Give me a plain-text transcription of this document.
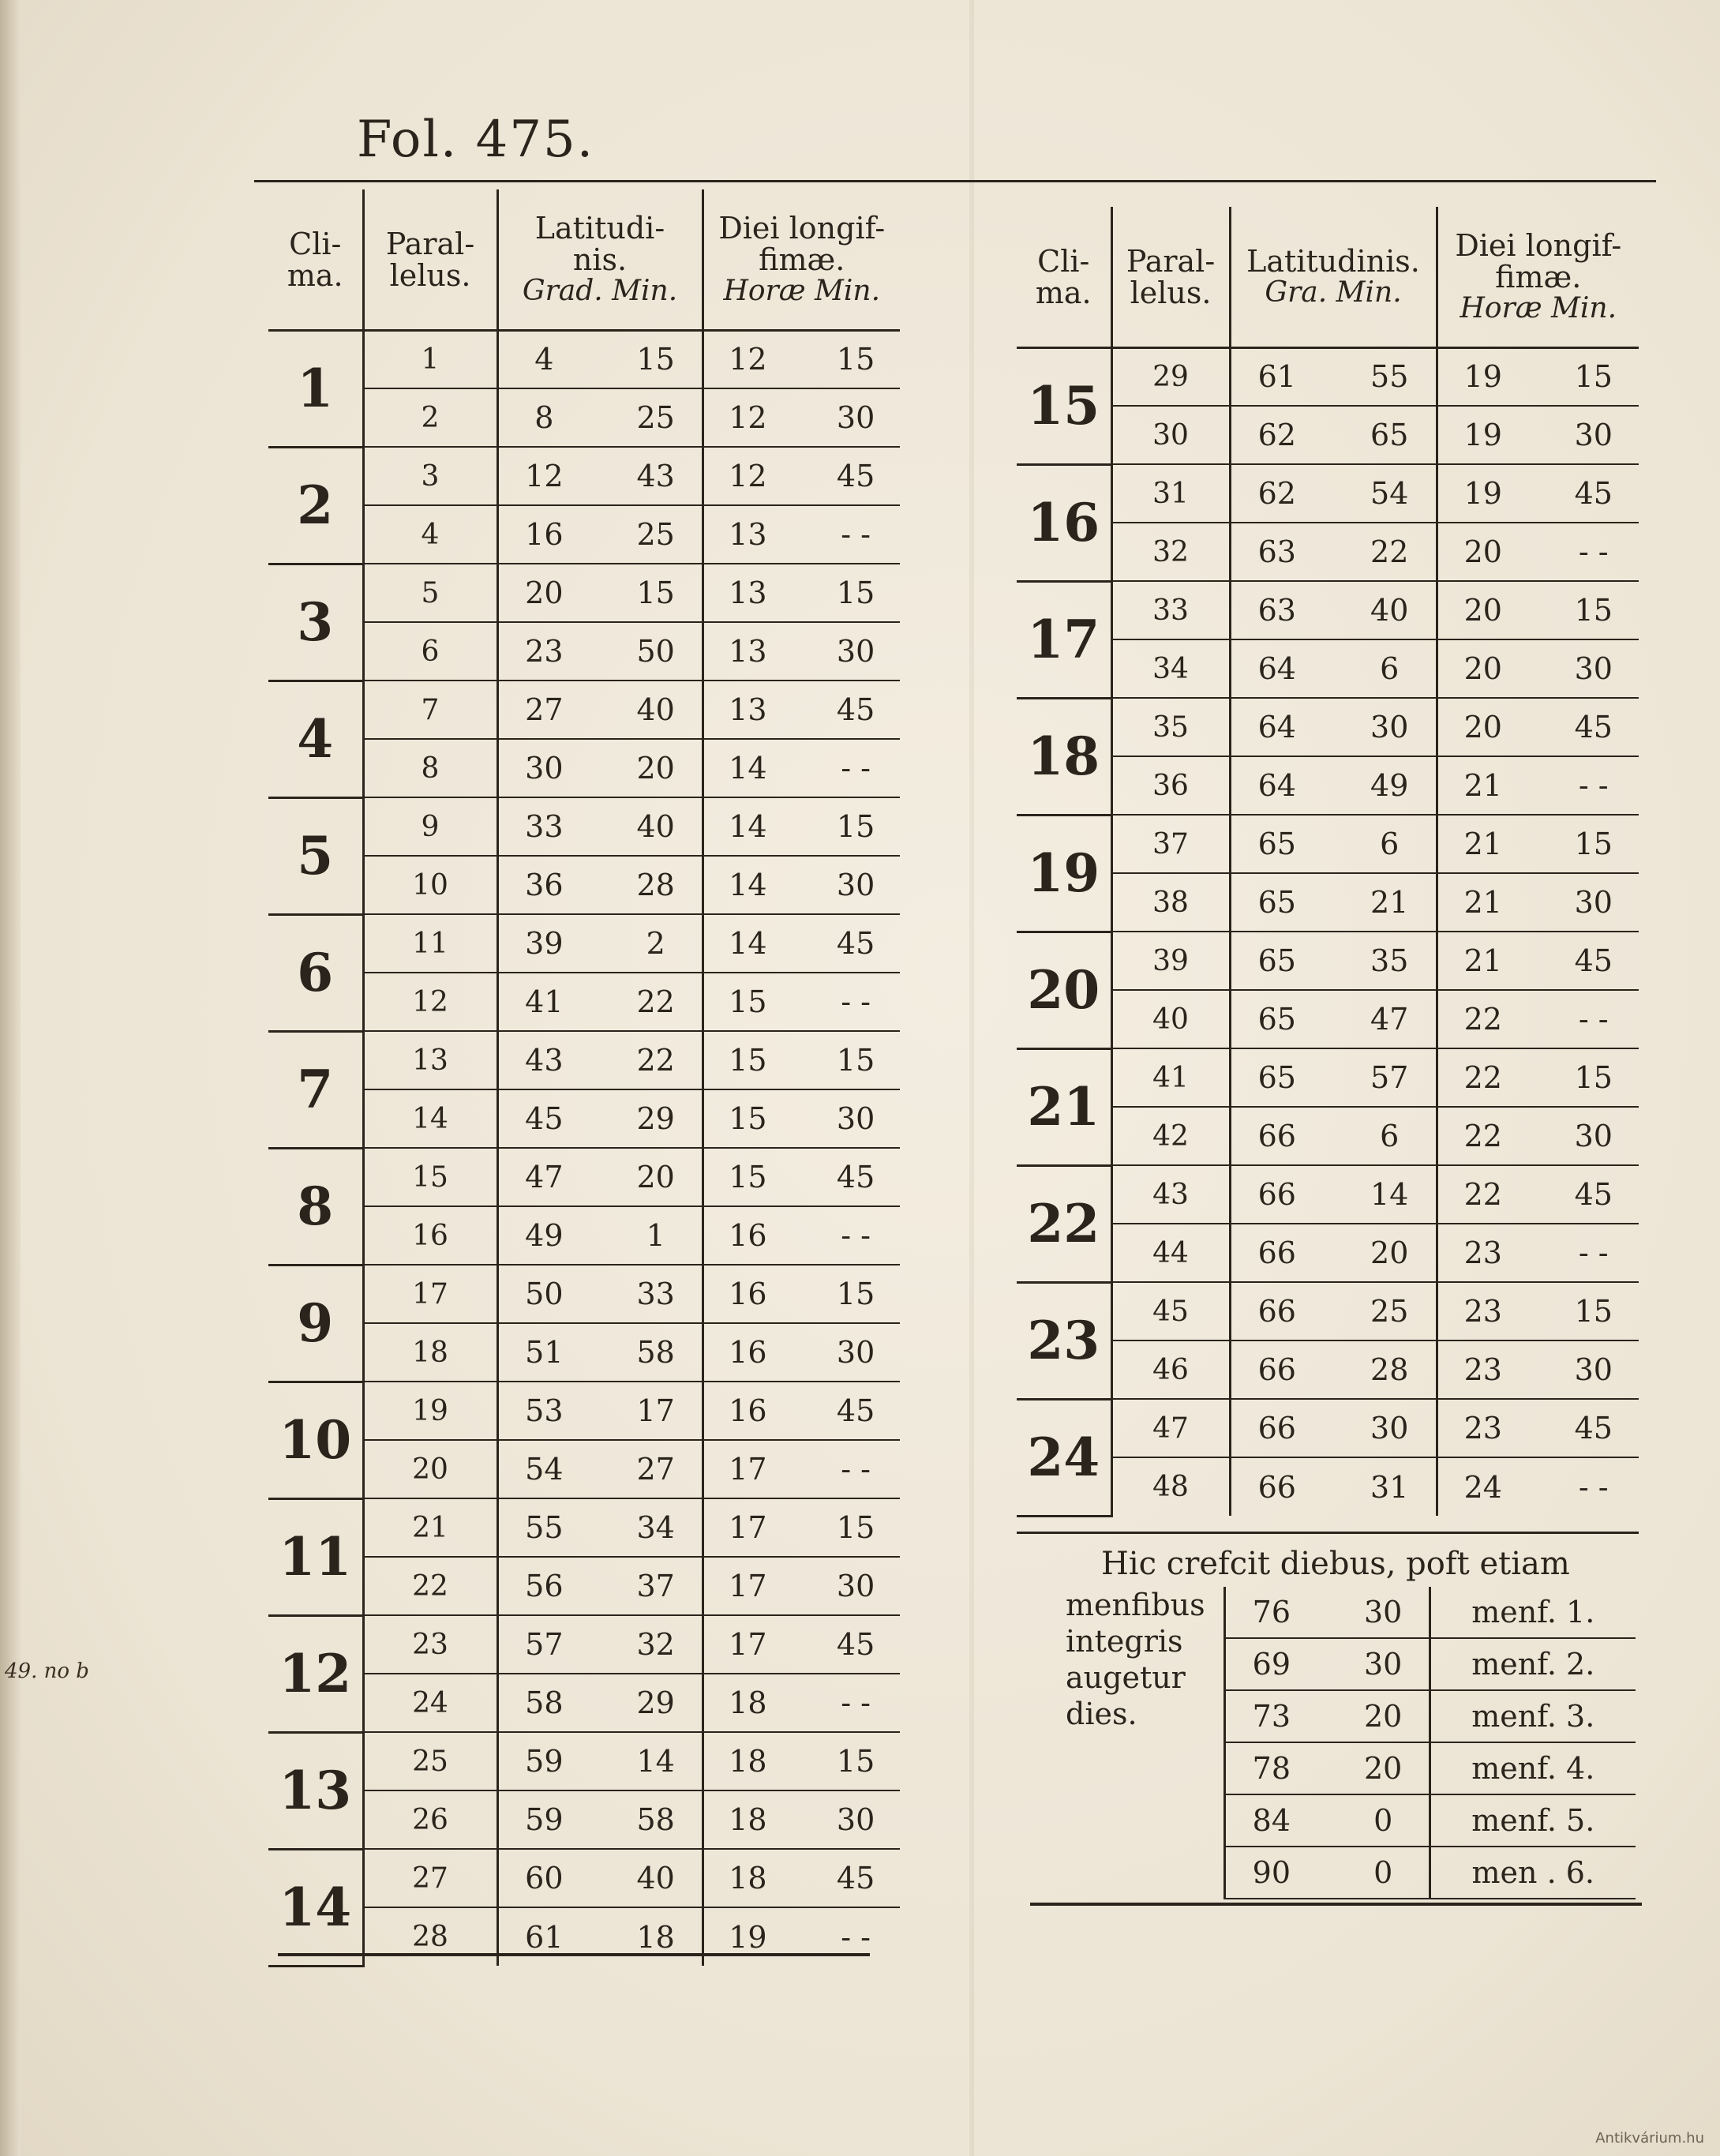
Fol. 475.
49. no b
Cli-
ma.	Paral-
lelus.	Latitudi-
nis.
Grad. Min.	Diei longif-
fimæ.
Horæ Min.

1	1	4 15	12 15

	2	8 25	12 30

2	3	12 43	12 45

	4	16 25	13 - -

3	5	20 15	13 15

	6	23 50	13 30

4	7	27 40	13 45

	8	30 20	14 - -

5	9	33 40	14 15

	10	36 28	14 30

6	11	39 2	14 45

	12	41 22	15 - -

7	13	43 22	15 15

	14	45 29	15 30

8	15	47 20	15 45

	16	49 1	16 - -

9	17	50 33	16 15

	18	51 58	16 30

10	19	53 17	16 45

	20	54 27	17 - -

11	21	55 34	17 15

	22	56 37	17 30

12	23	57 32	17 45

	24	58 29	18 - -

13	25	59 14	18 15

	26	59 58	18 30

14	27	60 40	18 45

	28	61 18	19 - -
Cli-
ma.	Paral-
lelus.	Latitudinis.
Gra. Min.	Diei longif-
fimæ.
Horæ Min.

15	29	61 55	19 15

	30	62 65	19 30

16	31	62 54	19 45

	32	63 22	20 - -

17	33	63 40	20 15

	34	64 6	20 30

18	35	64 30	20 45

	36	64 49	21 - -

19	37	65 6	21 15

	38	65 21	21 30

20	39	65 35	21 45

	40	65 47	22 - -

21	41	65 57	22 15

	42	66 6	22 30

22	43	66 14	22 45

	44	66 20	23 - -

23	45	66 25	23 15

	46	66 28	23 30

24	47	66 30	23 45

	48	66 31	24 - -
Hic crefcit diebus, poft etiam
menfibus
integris
augetur
dies.
76 30	menf. 1.

69 30	menf. 2.

73 20	menf. 3.

78 20	menf. 4.

84 0	menf. 5.

90 0	men . 6.
Antikvárium.hu
